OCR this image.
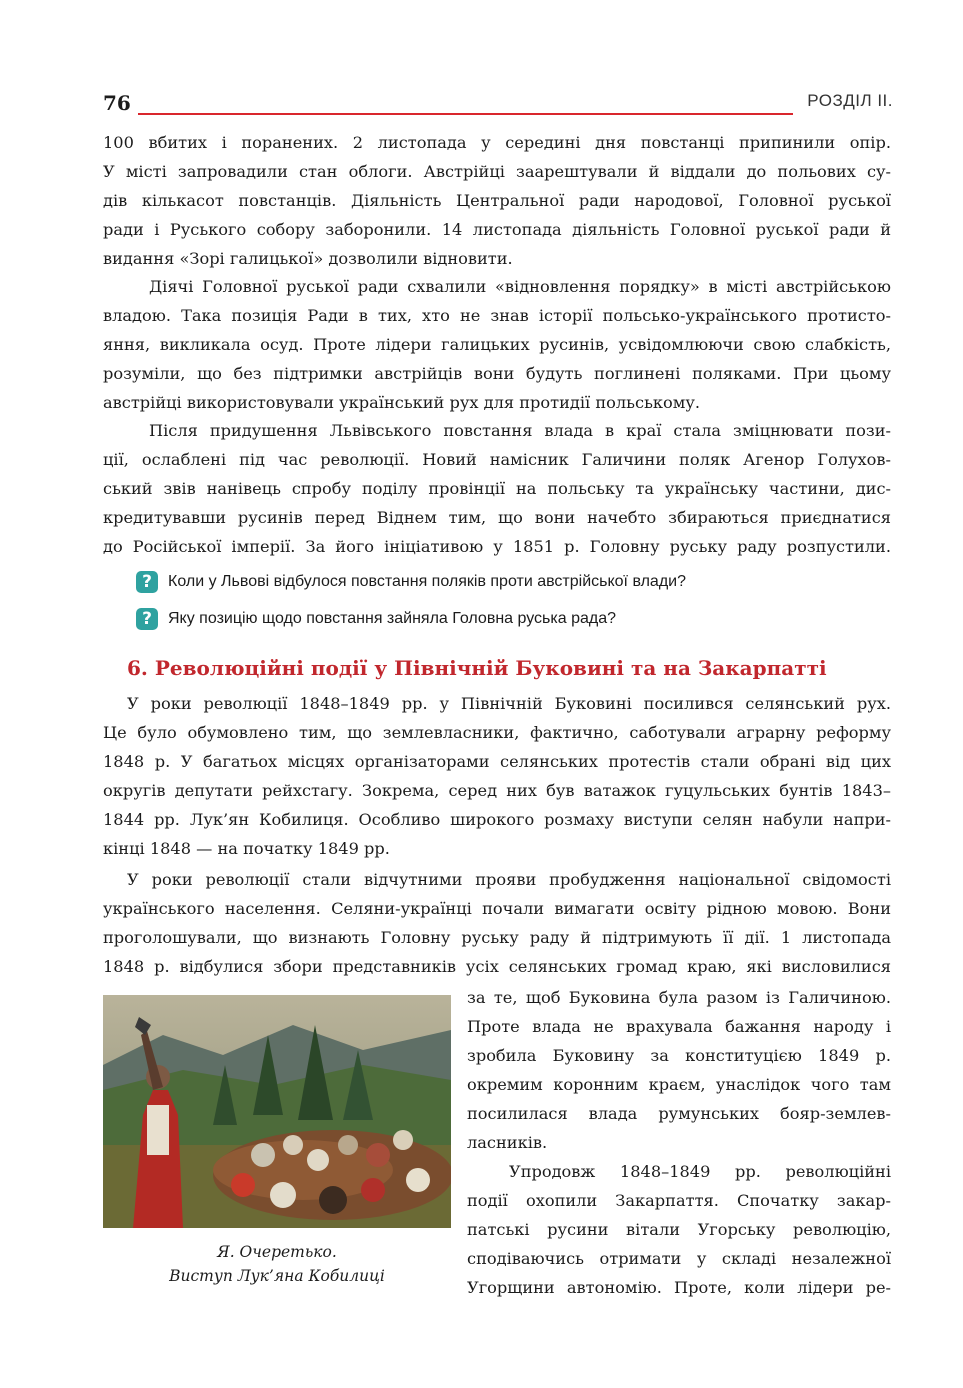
76	РОЗДІЛ II.
100 вбитих і поранених. 2 листопада у середині дня повстанці припинили опір.
У місті запровадили стан облоги. Австрійці заарештували й віддали до польових су-
дів кількасот повстанців. Діяльність Центральної ради народової, Головної руської
ради і Руського собору заборонили. 14 листопада діяльність Головної руської ради й
видання «Зорі галицької» дозволили відновити.
Діячі Головної руської ради схвалили «відновлення порядку» в місті австрійською
владою. Така позиція Ради в тих, хто не знав історії польсько-українського протисто-
яння, викликала осуд. Проте лідери галицьких русинів, усвідомлюючи свою слабкість,
розуміли, що без підтримки австрійців вони будуть поглинені поляками. При цьому
австрійці використовували український рух для протидії польському.
Після придушення Львівського повстання влада в краї стала зміцнювати пози-
ції, ослаблені під час революції. Новий намісник Галичини поляк Агенор Голухов-
ський звів нанівець спробу поділу провінції на польську та українську частини, дис-
кредитувавши русинів перед Віднем тим, що вони начебто збираються приєднатися
до Російської імперії. За його ініціативою у 1851 р. Головну руську раду розпустили.
?	Коли у Львові відбулося повстання поляків проти австрійської влади?
?	Яку позицію щодо повстання зайняла Головна руська рада?
6. Революційні події у Північній Буковині та на Закарпатті
У роки революції 1848–1849 рр. у Північній Буковині посилився селянський рух.
Це було обумовлено тим, що землевласники, фактично, саботували аграрну реформу
1848 р. У багатьох місцях організаторами селянських протестів стали обрані від цих
округів депутати рейхстагу. Зокрема, серед них був ватажок гуцульських бунтів 1843–
1844 рр. Лук’ян Кобилиця. Особливо широкого розмаху виступи селян набули напри-
кінці 1848 — на початку 1849 рр.
У роки революції стали відчутними прояви пробудження національної свідомості
українського населення. Селяни-українці почали вимагати освіту рідною мовою. Вони
проголошували, що визнають Головну руську раду й підтримують її дії. 1 листопада
1848 р. відбулися збори представників усіх селянських громад краю, які висловилися
Я. Очеретько.
Виступ Лук’яна Кобилиці
за те, щоб Буковина була разом із Галичиною.
Проте влада не врахувала бажання народу і
зробила Буковину за конституцією 1849 р.
окремим коронним краєм, унаслідок чого там
посилилася влада румунських бояр-землев-
ласників.
Упродовж 1848–1849 рр. революційні
події охопили Закарпаття. Спочатку закар-
патські русини вітали Угорську революцію,
сподіваючись отримати у складі незалежної
Угорщини автономію. Проте, коли лідери ре-
